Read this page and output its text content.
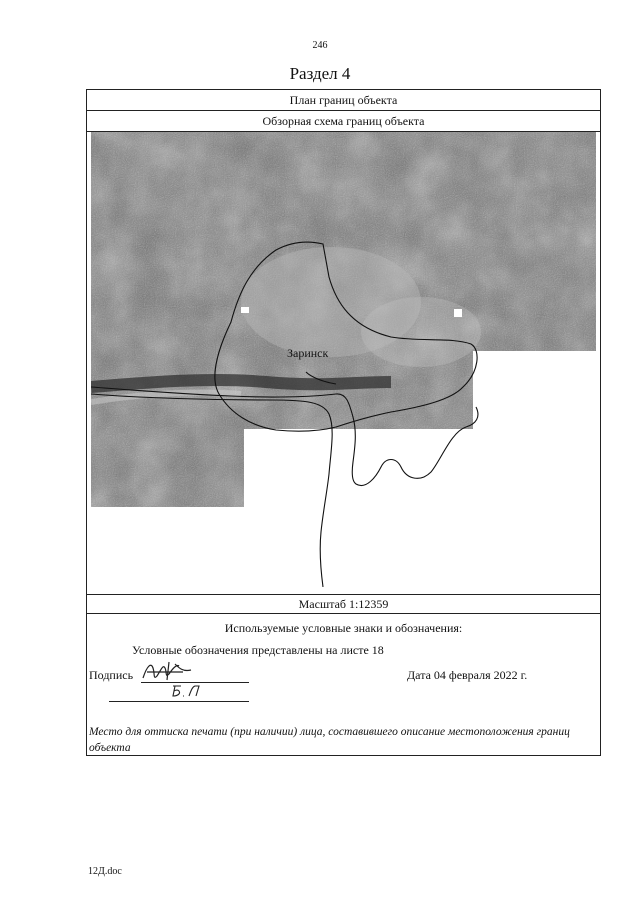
246
Раздел 4
План границ объекта
Обзорная схема границ объекта
Заринск
Масштаб 1:12359
Используемые условные знаки и обозначения:
Условные обозначения представлены на листе 18
Подпись	Дата 04 февраля 2022 г.
Место для оттиска печати (при наличии) лица, составившего описание местоположения границ объекта
12Д.doc
